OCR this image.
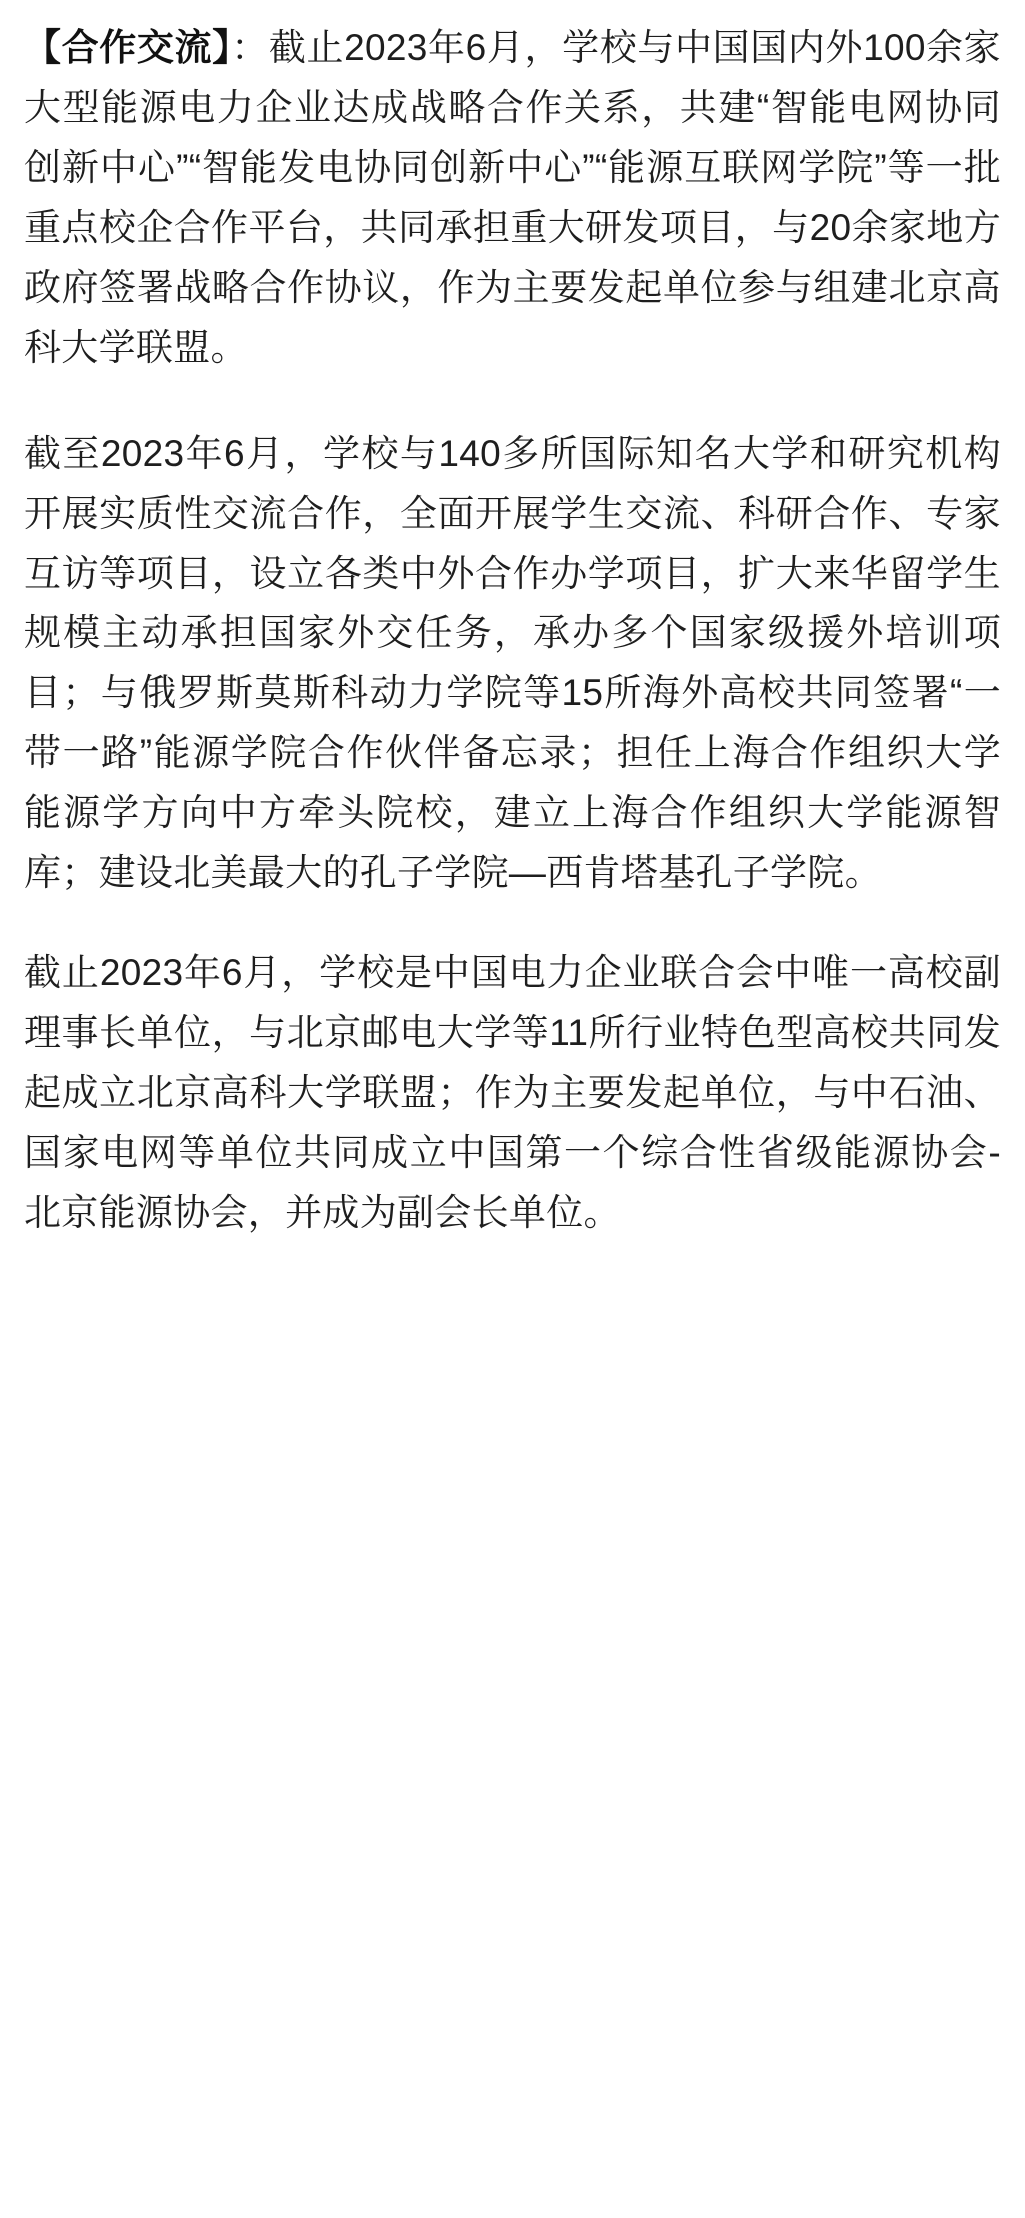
【合作交流】：截止2023年6月，学校与中国国内外100余家大型能源电力企业达成战略合作关系，共建“智能电网协同创新中心”“智能发电协同创新中心”“能源互联网学院”等一批重点校企合作平台，共同承担重大研发项目，与20余家地方政府签署战略合作协议，作为主要发起单位参与组建北京高科大学联盟。

截至2023年6月，学校与140多所国际知名大学和研究机构开展实质性交流合作，全面开展学生交流、科研合作、专家互访等项目，设立各类中外合作办学项目，扩大来华留学生规模主动承担国家外交任务，承办多个国家级援外培训项目；与俄罗斯莫斯科动力学院等15所海外高校共同签署“一带一路”能源学院合作伙伴备忘录；担任上海合作组织大学能源学方向中方牵头院校，建立上海合作组织大学能源智库；建设北美最大的孔子学院—西肯塔基孔子学院。

截止2023年6月，学校是中国电力企业联合会中唯一高校副理事长单位，与北京邮电大学等11所行业特色型高校共同发起成立北京高科大学联盟；作为主要发起单位，与中石油、国家电网等单位共同成立中国第一个综合性省级能源协会-北京能源协会，并成为副会长单位。
